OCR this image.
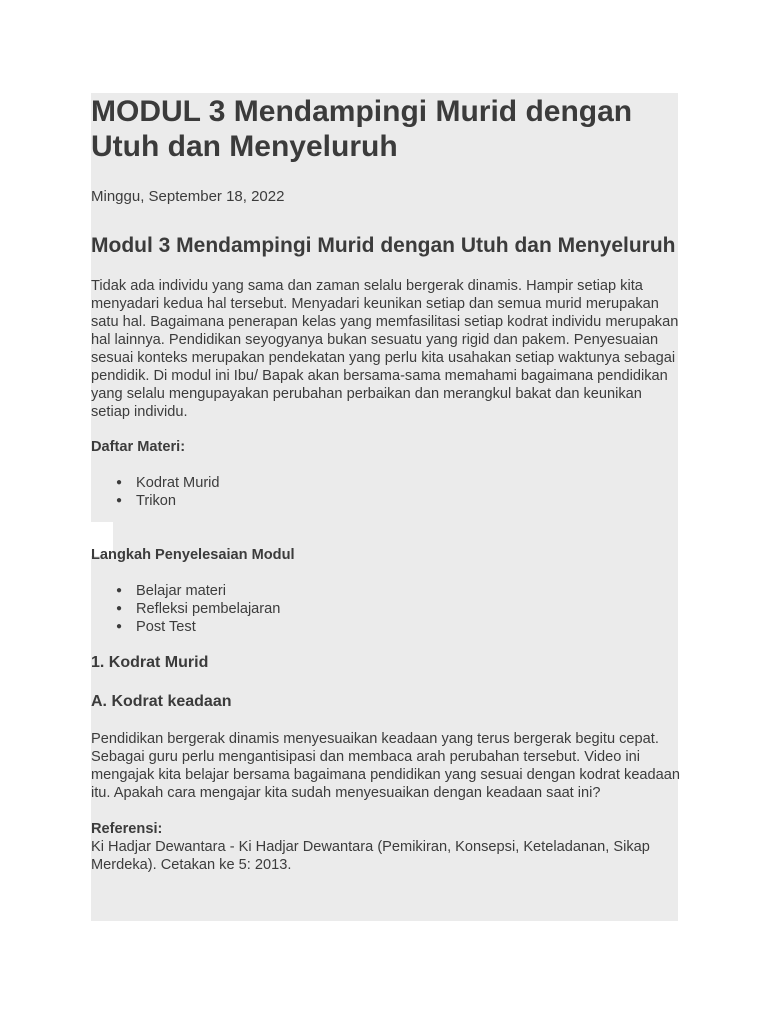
MODUL 3 Mendampingi Murid dengan Utuh dan Menyeluruh
Minggu, September 18, 2022
Modul 3 Mendampingi Murid dengan Utuh dan Menyeluruh

Tidak ada individu yang sama dan zaman selalu bergerak dinamis. Hampir setiap kita menyadari kedua hal tersebut. Menyadari keunikan setiap dan semua murid merupakan satu hal. Bagaimana penerapan kelas yang memfasilitasi setiap kodrat individu merupakan hal lainnya. Pendidikan seyogyanya bukan sesuatu yang rigid dan pakem. Penyesuaian sesuai konteks merupakan pendekatan yang perlu kita usahakan setiap waktunya sebagai pendidik. Di modul ini Ibu/ Bapak akan bersama-sama memahami bagaimana pendidikan yang selalu mengupayakan perubahan perbaikan dan merangkul bakat dan keunikan setiap individu.

Daftar Materi:
● Kodrat Murid
● Trikon
Langkah Penyelesaian Modul
● Belajar materi
● Refleksi pembelajaran
● Post Test
1. Kodrat Murid
A. Kodrat keadaan

Pendidikan bergerak dinamis menyesuaikan keadaan yang terus bergerak begitu cepat. Sebagai guru perlu mengantisipasi dan membaca arah perubahan tersebut. Video ini mengajak kita belajar bersama bagaimana pendidikan yang sesuai dengan kodrat keadaan itu. Apakah cara mengajar kita sudah menyesuaikan dengan keadaan saat ini?

Referensi:

Ki Hadjar Dewantara - Ki Hadjar Dewantara (Pemikiran, Konsepsi, Keteladanan, Sikap Merdeka). Cetakan ke 5: 2013.
